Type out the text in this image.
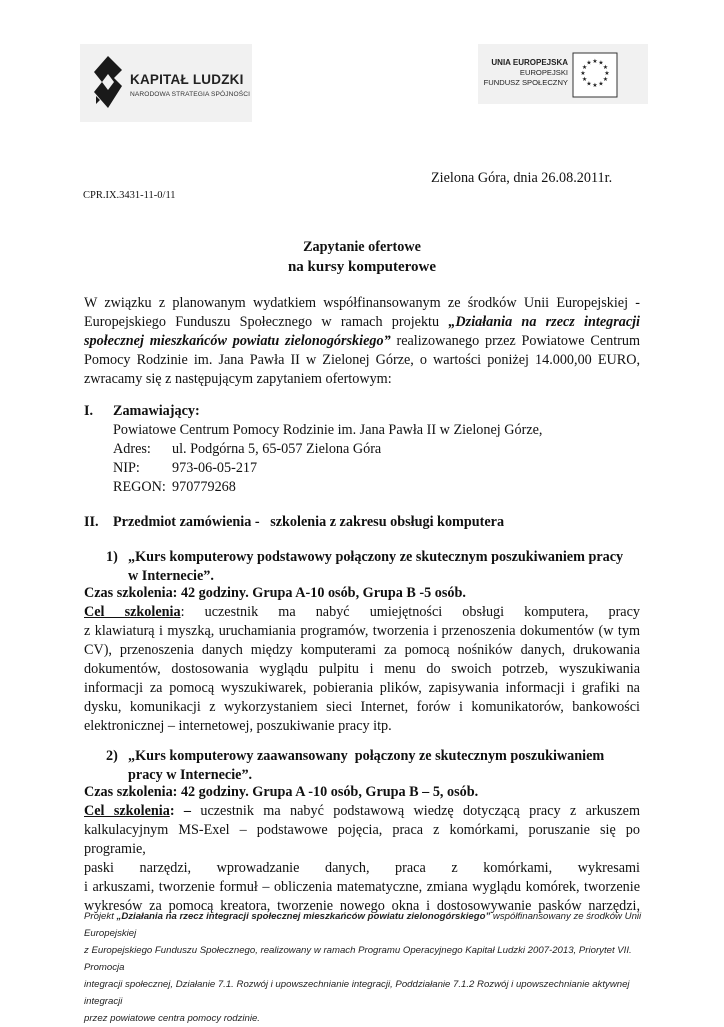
KAPITAŁ LUDZKI
NARODOWA STRATEGIA SPÓJNOŚCI
UNIA EUROPEJSKA
EUROPEJSKI
FUNDUSZ SPOŁECZNY
★ ★
★
★
★
★
★
★
★
★
★
★
Zielona Góra, dnia 26.08.2011r.
CPR.IX.3431-11-0/11
Zapytanie ofertowe
na kursy komputerowe
W związku z planowanym wydatkiem współfinansowanym ze środków Unii Europejskiej -
Europejskiego Funduszu Społecznego w ramach projektu „Działania na rzecz integracji
społecznej mieszkańców powiatu zielonogórskiego” realizowanego przez Powiatowe Centrum
Pomocy Rodzinie im. Jana Pawła II w Zielonej Górze, o wartości poniżej 14.000,00 EURO,
zwracamy się z następującym zapytaniem ofertowym:
I. Zamawiający:
Powiatowe Centrum Pomocy Rodzinie im. Jana Pawła II w Zielonej Górze,
Adres:	ul. Podgórna 5, 65-057 Zielona Góra
NIP:	973-06-05-217
REGON: 970779268
II. Przedmiot zamówienia -   szkolenia z zakresu obsługi komputera
1) „Kurs komputerowy podstawowy połączony ze skutecznym poszukiwaniem pracy
w Internecie”.
Czas szkolenia: 42 godziny. Grupa A-10 osób, Grupa B -5 osób.
Cel szkolenia: uczestnik ma nabyć umiejętności obsługi komputera, pracy
z klawiaturą i myszką, uruchamiania programów, tworzenia i przenoszenia dokumentów (w tym
CV), przenoszenia danych między komputerami za pomocą nośników danych, drukowania
dokumentów, dostosowania wyglądu pulpitu i menu do swoich potrzeb, wyszukiwania
informacji za pomocą wyszukiwarek, pobierania plików, zapisywania informacji i grafiki na
dysku, komunikacji z wykorzystaniem sieci Internet, forów i komunikatorów, bankowości
elektronicznej – internetowej, poszukiwanie pracy itp.
2) „Kurs komputerowy zaawansowany  połączony ze skutecznym poszukiwaniem
pracy w Internecie”.
Czas szkolenia: 42 godziny. Grupa A -10 osób, Grupa B – 5, osób.
Cel szkolenia: – uczestnik ma nabyć podstawową wiedzę dotyczącą pracy z arkuszem
kalkulacyjnym MS-Exel – podstawowe pojęcia, praca z komórkami, poruszanie się po programie,
paski narzędzi, wprowadzanie danych, praca z komórkami, wykresami
i arkuszami, tworzenie formuł – obliczenia matematyczne, zmiana wyglądu komórek, tworzenie
wykresów za pomocą kreatora, tworzenie nowego okna i dostosowywanie pasków narzędzi,
Projekt „Działania na rzecz integracji społecznej mieszkańców powiatu zielonogórskiego” współfinansowany ze środków Unii Europejskiej
z Europejskiego Funduszu Społecznego, realizowany w ramach Programu Operacyjnego Kapitał Ludzki 2007-2013, Priorytet VII. Promocja
integracji społecznej, Działanie 7.1. Rozwój i upowszechnianie integracji, Poddziałanie 7.1.2 Rozwój i upowszechnianie aktywnej integracji
przez powiatowe centra pomocy rodzinie.
